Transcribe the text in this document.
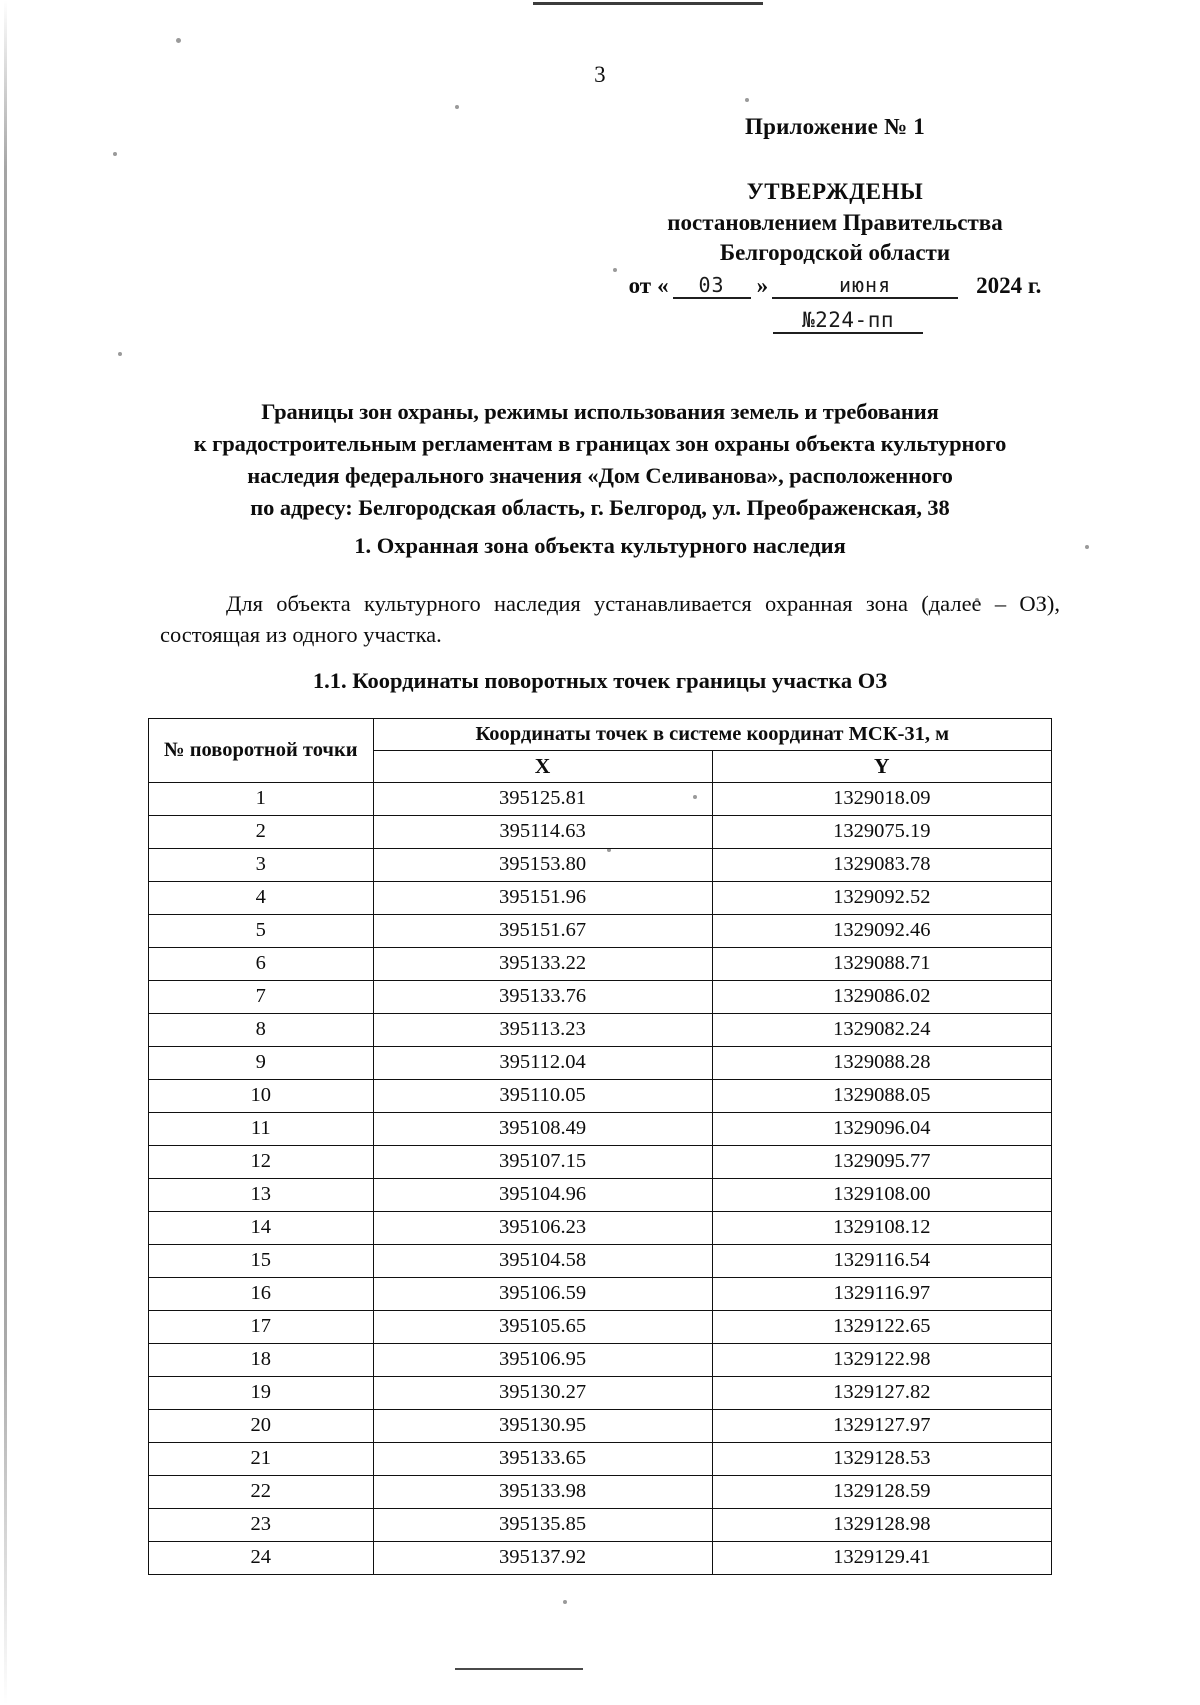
3
Приложение № 1
УТВЕРЖДЕНЫ
постановлением Правительства
Белгородской области
от «	03	»	июня	2024 г.
№224-пп
Границы зон охраны, режимы использования земель и требования
к градостроительным регламентам в границах зон охраны объекта культурного
наследия федерального значения «Дом Селиванова», расположенного
по адресу: Белгородская область, г. Белгород, ул. Преображенская, 38
1. Охранная зона объекта культурного наследия
Для объекта культурного наследия устанавливается охранная зона (далее – ОЗ), состоящая из одного участка.
1.1. Координаты поворотных точек границы участка ОЗ
№ поворотной точки	Координаты точек в системе координат МСК-31, м	
	X	Y
1	395125.81	1329018.09
2	395114.63	1329075.19
3	395153.80	1329083.78
4	395151.96	1329092.52
5	395151.67	1329092.46
6	395133.22	1329088.71
7	395133.76	1329086.02
8	395113.23	1329082.24
9	395112.04	1329088.28
10	395110.05	1329088.05
11	395108.49	1329096.04
12	395107.15	1329095.77
13	395104.96	1329108.00
14	395106.23	1329108.12
15	395104.58	1329116.54
16	395106.59	1329116.97
17	395105.65	1329122.65
18	395106.95	1329122.98
19	395130.27	1329127.82
20	395130.95	1329127.97
21	395133.65	1329128.53
22	395133.98	1329128.59
23	395135.85	1329128.98
24	395137.92	1329129.41
